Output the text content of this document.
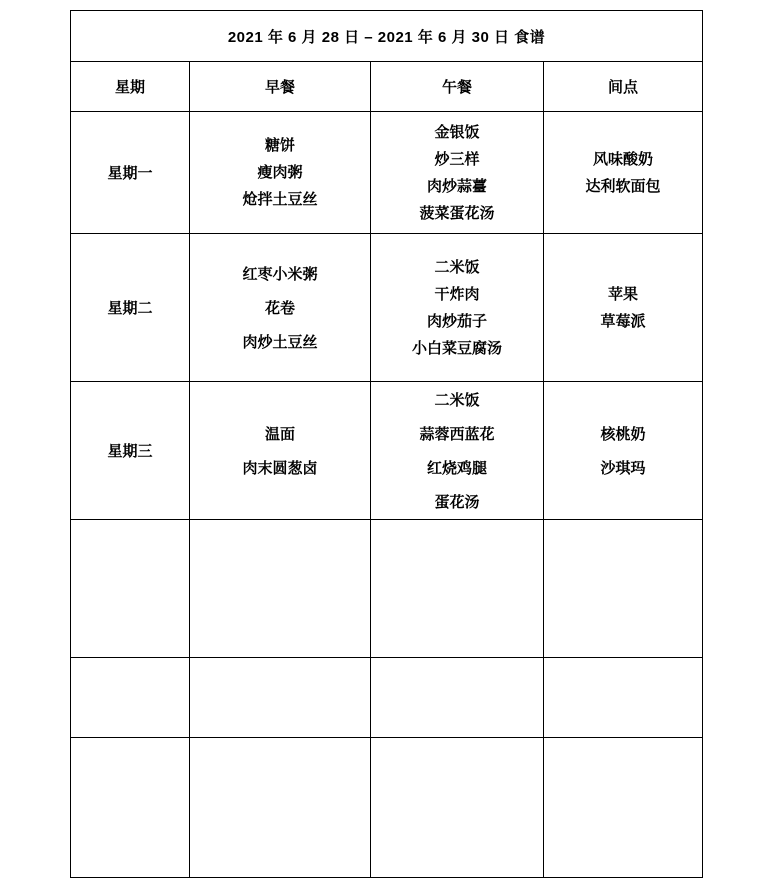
2021 年 6 月 28 日 – 2021 年 6 月 30 日 食谱			
星期	早餐	午餐	间点
星期一	糖饼
瘦肉粥
炝拌土豆丝	金银饭
炒三样
肉炒蒜薹
菠菜蛋花汤	风味酸奶
达利软面包

星期二	红枣小米粥
花卷
肉炒土豆丝	二米饭
干炸肉
肉炒茄子
小白菜豆腐汤	苹果
草莓派

星期三	温面
肉末圆葱卤	二米饭
蒜蓉西蓝花
红烧鸡腿
蛋花汤	核桃奶
沙琪玛
